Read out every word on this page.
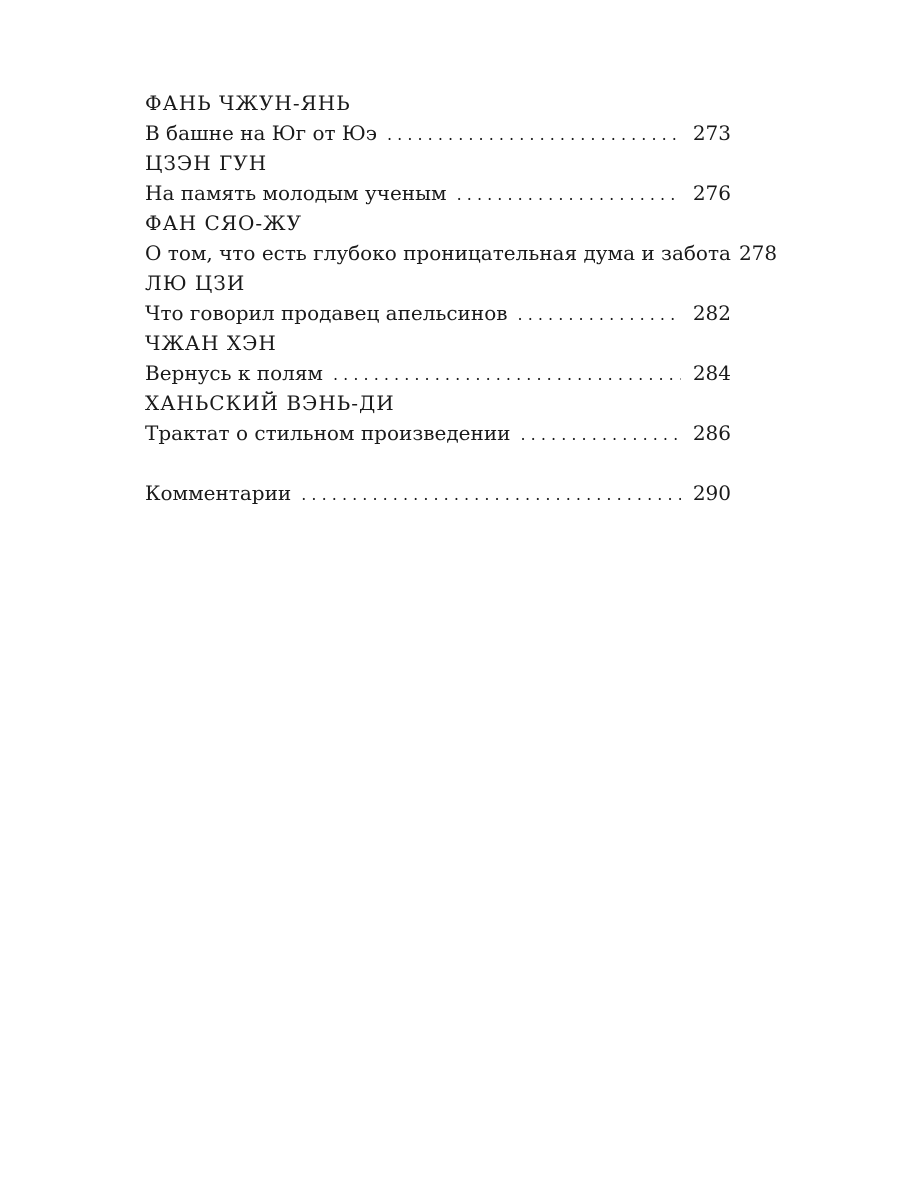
ФАНЬ ЧЖУН-ЯНЬ
В башне на Юг от Юэ . . .	273
ЦЗЭН ГУН
На память молодым ученым . . .	276
ФАН СЯО-ЖУ
О том, что есть глубоко проницательная дума и забота 278
ЛЮ ЦЗИ
Что говорил продавец апельсинов . . .	282
ЧЖАН ХЭН
Вернусь к полям . . .	284
ХАНЬСКИЙ ВЭНЬ-ДИ
Трактат о стильном произведении . . .	286
Комментарии . . .	290
